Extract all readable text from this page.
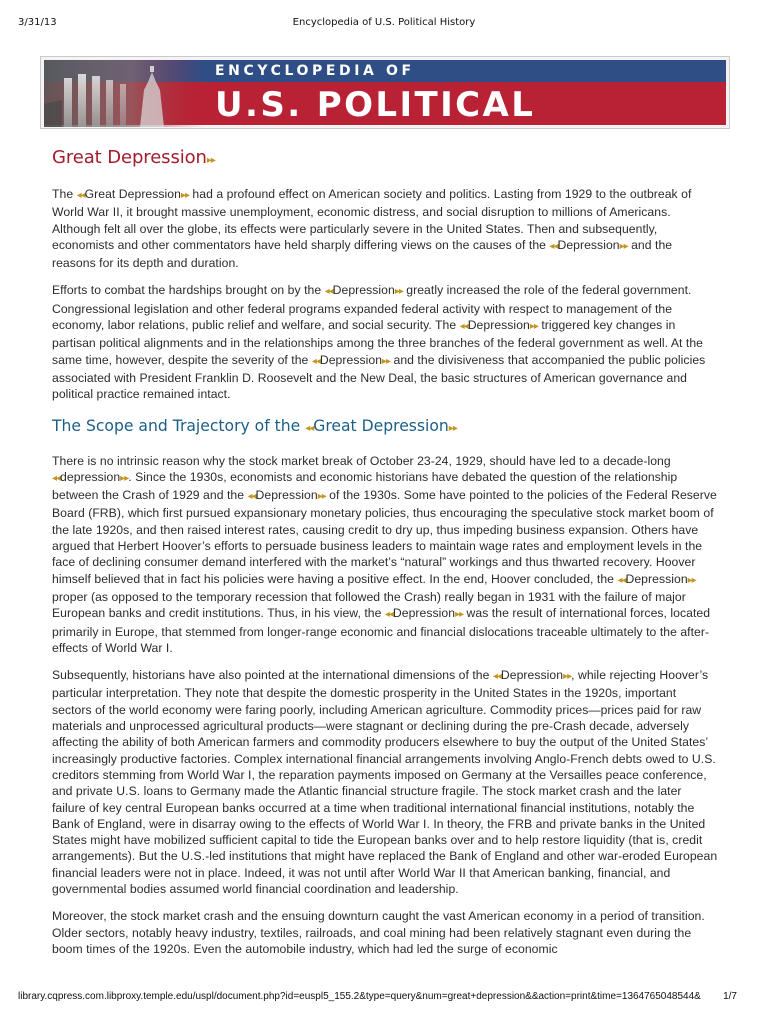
3/31/13	Encyclopedia of U.S. Political History
ENCYCLOPEDIA OF
U.S. POLITICAL HISTORY
Great Depression▸▸

The ◂◂Great Depression▸▸ had a profound effect on American society and politics. Lasting from 1929 to the outbreak of World War II, it brought massive unemployment, economic distress, and social disruption to millions of Americans. Although felt all over the globe, its effects were particularly severe in the United States. Then and subsequently, economists and other commentators have held sharply differing views on the causes of the ◂◂Depression▸▸ and the reasons for its depth and duration.

Efforts to combat the hardships brought on by the ◂◂Depression▸▸ greatly increased the role of the federal government. Congressional legislation and other federal programs expanded federal activity with respect to management of the economy, labor relations, public relief and welfare, and social security. The ◂◂Depression▸▸ triggered key changes in partisan political alignments and in the relationships among the three branches of the federal government as well. At the same time, however, despite the severity of the ◂◂Depression▸▸ and the divisiveness that accompanied the public policies associated with President Franklin D. Roosevelt and the New Deal, the basic structures of American governance and political practice remained intact.

The Scope and Trajectory of the ◂◂Great Depression▸▸

There is no intrinsic reason why the stock market break of October 23-24, 1929, should have led to a decade-long ◂◂depression▸▸. Since the 1930s, economists and economic historians have debated the question of the relationship between the Crash of 1929 and the ◂◂Depression▸▸ of the 1930s. Some have pointed to the policies of the Federal Reserve Board (FRB), which first pursued expansionary monetary policies, thus encouraging the speculative stock market boom of the late 1920s, and then raised interest rates, causing credit to dry up, thus impeding business expansion. Others have argued that Herbert Hoover’s efforts to persuade business leaders to maintain wage rates and employment levels in the face of declining consumer demand interfered with the market’s “natural” workings and thus thwarted recovery. Hoover himself believed that in fact his policies were having a positive effect. In the end, Hoover concluded, the ◂◂Depression▸▸ proper (as opposed to the temporary recession that followed the Crash) really began in 1931 with the failure of major European banks and credit institutions. Thus, in his view, the ◂◂Depression▸▸ was the result of international forces, located primarily in Europe, that stemmed from longer-range economic and financial dislocations traceable ultimately to the after-effects of World War I.

Subsequently, historians have also pointed at the international dimensions of the ◂◂Depression▸▸, while rejecting Hoover’s particular interpretation. They note that despite the domestic prosperity in the United States in the 1920s, important sectors of the world economy were faring poorly, including American agriculture. Commodity prices—prices paid for raw materials and unprocessed agricultural products—were stagnant or declining during the pre-Crash decade, adversely affecting the ability of both American farmers and commodity producers elsewhere to buy the output of the United States’ increasingly productive factories. Complex international financial arrangements involving Anglo-French debts owed to U.S. creditors stemming from World War I, the reparation payments imposed on Germany at the Versailles peace conference, and private U.S. loans to Germany made the Atlantic financial structure fragile. The stock market crash and the later failure of key central European banks occurred at a time when traditional international financial institutions, notably the Bank of England, were in disarray owing to the effects of World War I. In theory, the FRB and private banks in the United States might have mobilized sufficient capital to tide the European banks over and to help restore liquidity (that is, credit arrangements). But the U.S.-led institutions that might have replaced the Bank of England and other war-eroded European financial leaders were not in place. Indeed, it was not until after World War II that American banking, financial, and governmental bodies assumed world financial coordination and leadership.

Moreover, the stock market crash and the ensuing downturn caught the vast American economy in a period of transition. Older sectors, notably heavy industry, textiles, railroads, and coal mining had been relatively stagnant even during the boom times of the 1920s. Even the automobile industry, which had led the surge of economic

library.cqpress.com.libproxy.temple.edu/uspl/document.php?id=euspl5_155.2&type=query&num=great+depression&&action=print&time=1364765048544& 1/7
